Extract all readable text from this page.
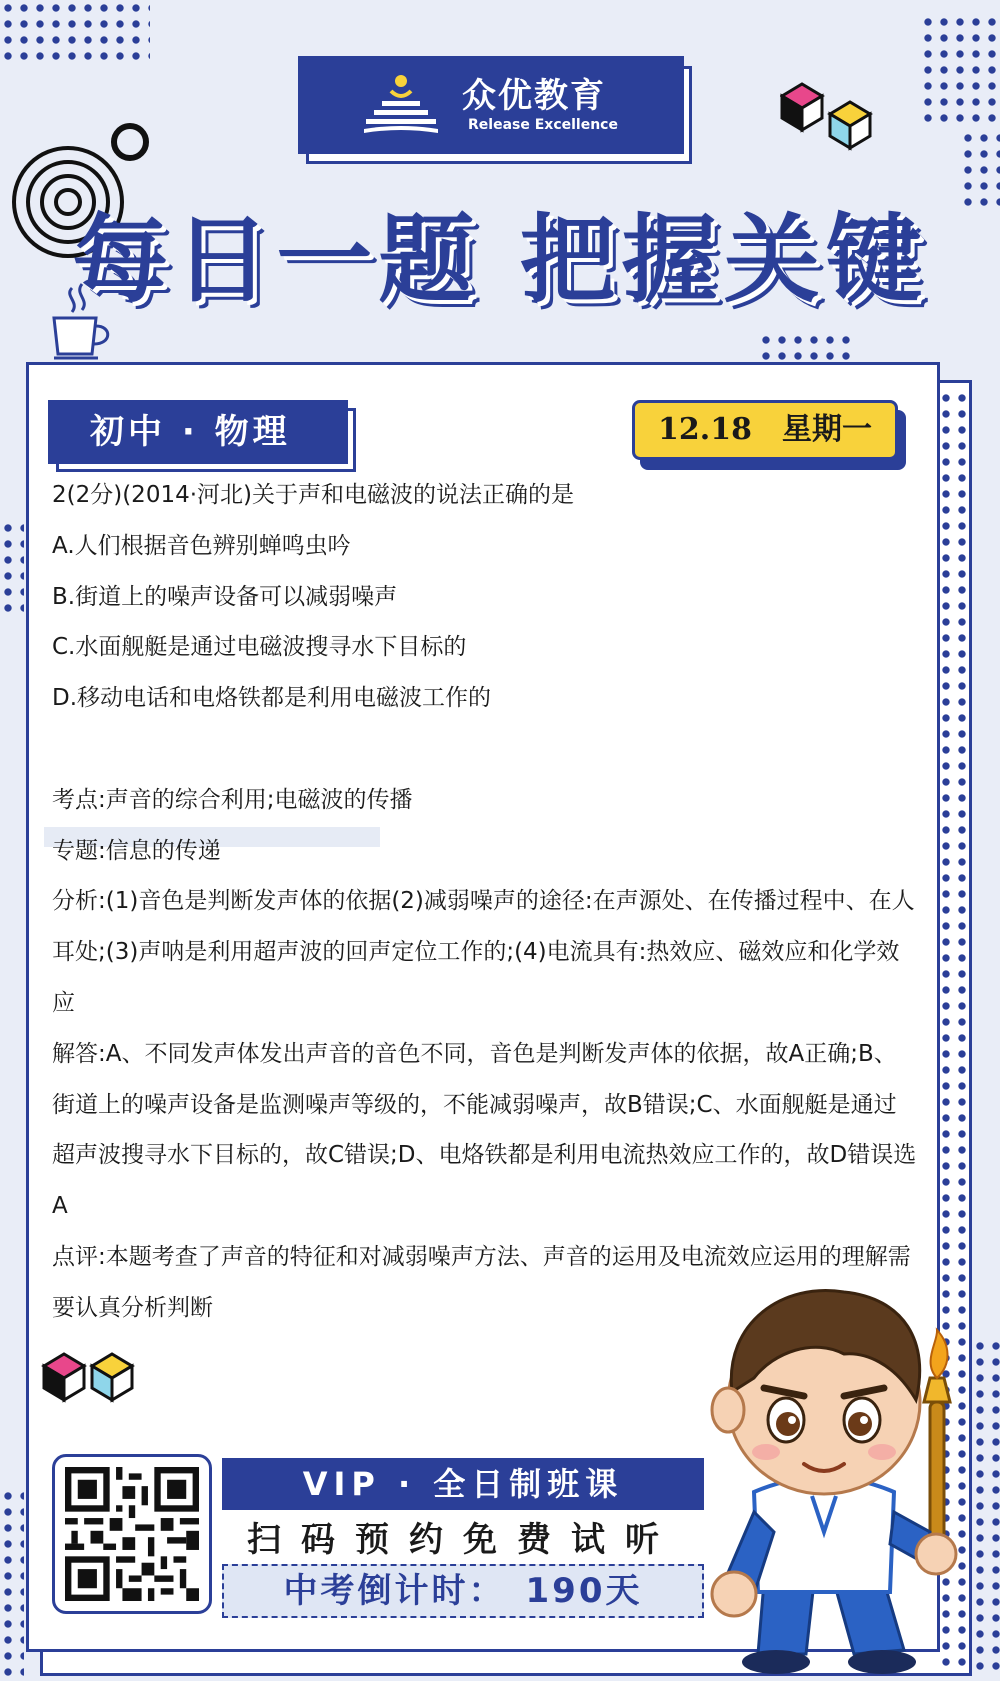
众优教育
Release Excellence
每日一题 把握关键
初中 · 物理	12.18　星期一

2(2分)(2014·河北)关于声和电磁波的说法正确的是

A.人们根据音色辨别蝉鸣虫吟

B.街道上的噪声设备可以减弱噪声

C.水面舰艇是通过电磁波搜寻水下目标的

D.移动电话和电烙铁都是利用电磁波工作的

考点:声音的综合利用;电磁波的传播

专题:信息的传递

分析:(1)音色是判断发声体的依据(2)减弱噪声的途径:在声源处、在传播过程中、在人耳处;(3)声呐是利用超声波的回声定位工作的;(4)电流具有:热效应、磁效应和化学效应

解答:A、不同发声体发出声音的音色不同，音色是判断发声体的依据，故A正确;B、街道上的噪声设备是监测噪声等级的，不能减弱噪声，故B错误;C、水面舰艇是通过超声波搜寻水下目标的，故C错误;D、电烙铁都是利用电流热效应工作的，故D错误选A

点评:本题考查了声音的特征和对减弱噪声方法、声音的运用及电流效应运用的理解需要认真分析判断

VIP · 全日制班课
扫码预约免费试听
中考倒计时：　190天
